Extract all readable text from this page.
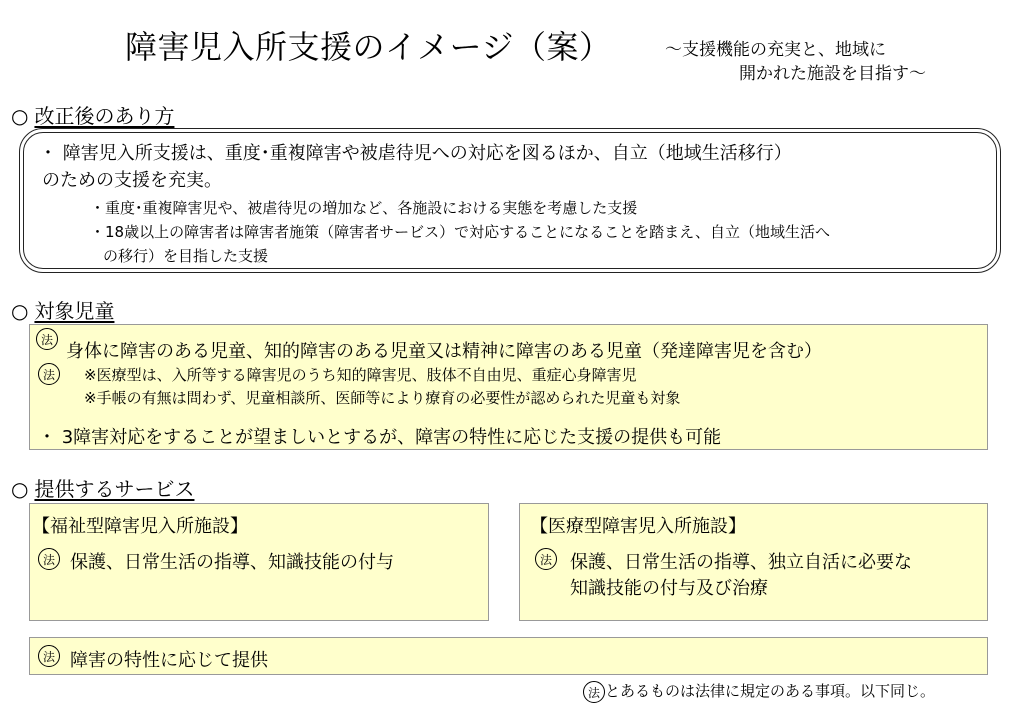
障害児入所支援のイメージ（案）	～支援機能の充実と、地域に
開かれた施設を目指す～
○ 改正後のあり方
・ 障害児入所支援は、重度･重複障害や被虐待児への対応を図るほか、自立（地域生活移行）
のための支援を充実。
・重度･重複障害児や、被虐待児の増加など、各施設における実態を考慮した支援
・18歳以上の障害者は障害者施策（障害者サービス）で対応することになることを踏まえ、自立（地域生活へ
の移行）を目指した支援
○ 対象児童
法
身体に障害のある児童、知的障害のある児童又は精神に障害のある児童（発達障害児を含む）
法	※医療型は、入所等する障害児のうち知的障害児、肢体不自由児、重症心身障害児
※手帳の有無は問わず、児童相談所、医師等により療育の必要性が認められた児童も対象
・ 3障害対応をすることが望ましいとするが、障害の特性に応じた支援の提供も可能
○ 提供するサービス
【福祉型障害児入所施設】
法 保護、日常生活の指導、知識技能の付与
【医療型障害児入所施設】
法 保護、日常生活の指導、独立自活に必要な
知識技能の付与及び治療
法 障害の特性に応じて提供
法 とあるものは法律に規定のある事項。以下同じ。
